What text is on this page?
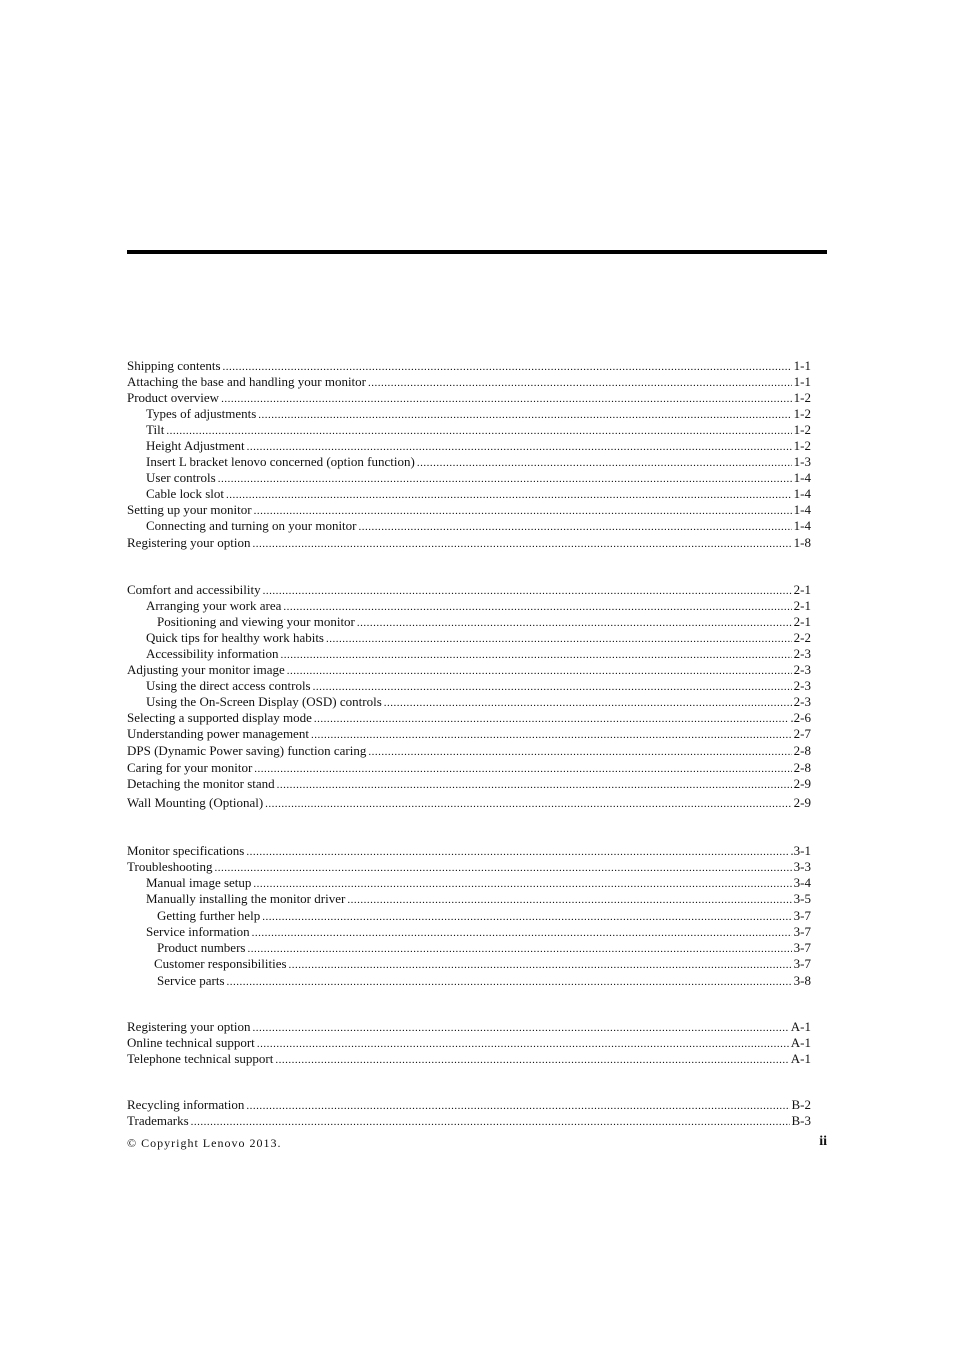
Shipping contents .....	1-1
Attaching the base and handling your monitor .....	1-1
Product overview .....	1-2
Types of adjustments .....	1-2
Tilt .....	1-2
Height Adjustment .....	1-2
Insert L bracket lenovo concerned (option function) .....	1-3
User controls .....	1-4
Cable lock slot .....	1-4
Setting up your monitor .....	1-4
Connecting and turning on your monitor .....	1-4
Registering your option .....	1-8
Comfort and accessibility .....	2-1
Arranging your work area .....	2-1
Positioning and viewing your monitor .....	2-1
Quick tips for healthy work habits .....	2-2
Accessibility information .....	2-3
Adjusting your monitor image .....	2-3
Using the direct access controls .....	2-3
Using the On-Screen Display (OSD) controls .....	2-3
Selecting a supported display mode .....	.2-6
Understanding power management .....	2-7
DPS (Dynamic Power saving) function caring .....	2-8
Caring for your monitor .....	2-8
Detaching the monitor stand .....	2-9
Wall Mounting (Optional) .....	2-9
Monitor specifications .....	.3-1
Troubleshooting .....	3-3
Manual image setup .....	3-4
Manually installing the monitor driver .....	3-5
Getting further help .....	3-7
Service information .....	3-7
Product numbers .....	3-7
Customer responsibilities .....	3-7
Service parts .....	3-8
Registering your option .....	A-1
Online technical support .....	A-1
Telephone technical support .....	A-1
Recycling information .....	B-2
Trademarks .....	B-3
© Copyright Lenovo 2013.	ii
